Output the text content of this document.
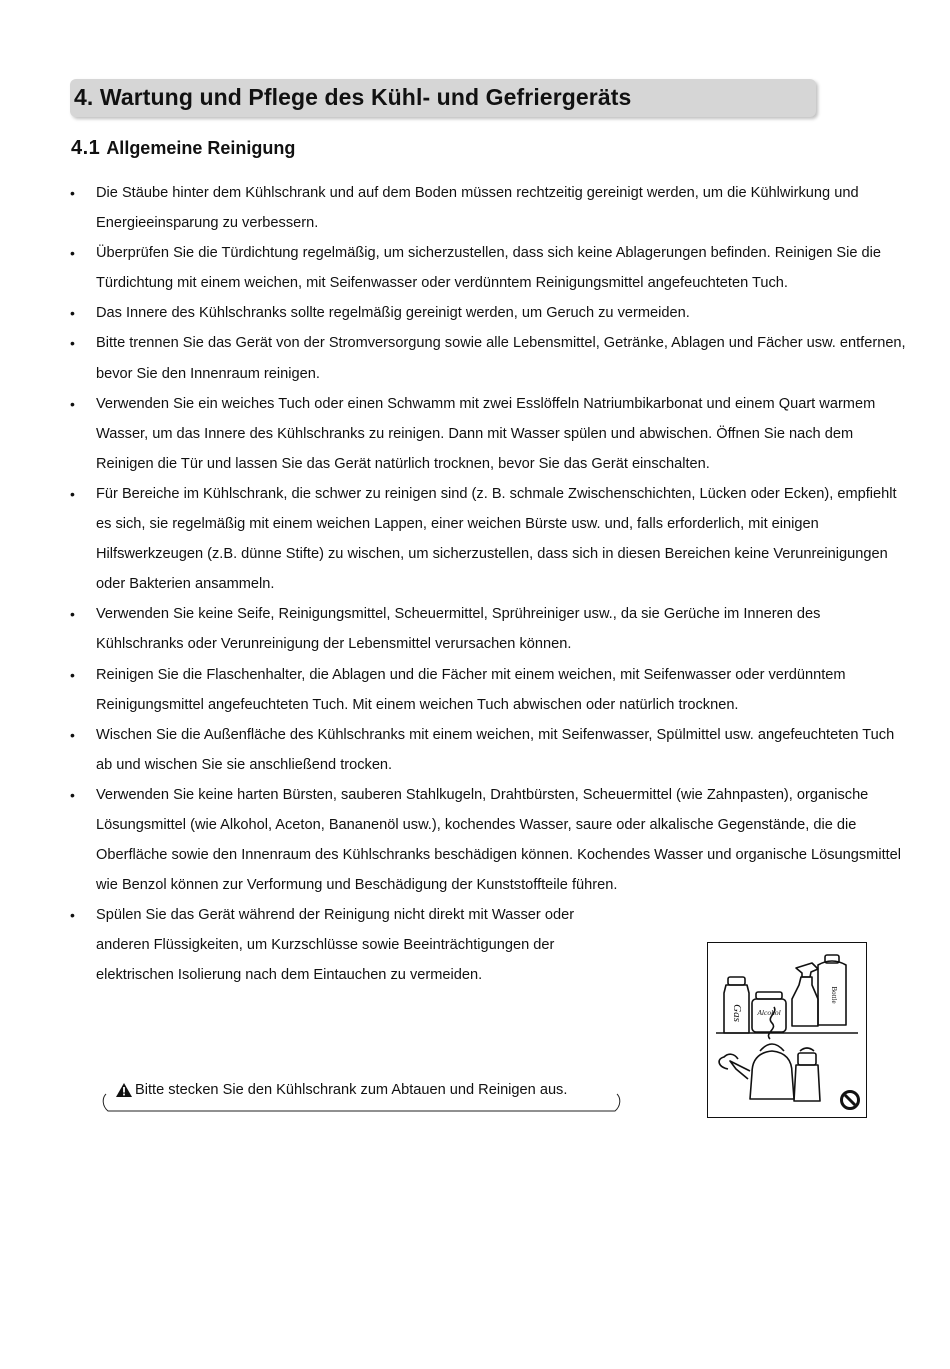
4. Wartung und Pflege des Kühl- und Gefriergeräts
4.1 Allgemeine Reinigung
• Die Stäube hinter dem Kühlschrank und auf dem Boden müssen rechtzeitig gereinigt werden, um die Kühlwirkung und Energieeinsparung zu verbessern.
• Überprüfen Sie die Türdichtung regelmäßig, um sicherzustellen, dass sich keine Ablagerungen befinden. Reinigen Sie die Türdichtung mit einem weichen, mit Seifenwasser oder verdünntem Reinigungsmittel angefeuchteten Tuch.
• Das Innere des Kühlschranks sollte regelmäßig gereinigt werden, um Geruch zu vermeiden.
• Bitte trennen Sie das Gerät von der Stromversorgung sowie alle Lebensmittel, Getränke, Ablagen und Fächer usw. entfernen, bevor Sie den Innenraum reinigen.
• Verwenden Sie ein weiches Tuch oder einen Schwamm mit zwei Esslöffeln Natriumbikarbonat und einem Quart warmem Wasser, um das Innere des Kühlschranks zu reinigen. Dann mit Wasser spülen und abwischen. Öffnen Sie nach dem Reinigen die Tür und lassen Sie das Gerät natürlich trocknen, bevor Sie das Gerät einschalten.
• Für Bereiche im Kühlschrank, die schwer zu reinigen sind (z. B. schmale Zwischenschichten, Lücken oder Ecken), empfiehlt es sich, sie regelmäßig mit einem weichen Lappen, einer weichen Bürste usw. und, falls erforderlich, mit einigen Hilfswerkzeugen (z.B. dünne Stifte) zu wischen, um sicherzustellen, dass sich in diesen Bereichen keine Verunreinigungen oder Bakterien ansammeln.
• Verwenden Sie keine Seife, Reinigungsmittel, Scheuermittel, Sprühreiniger usw., da sie Gerüche im Inneren des Kühlschranks oder Verunreinigung der Lebensmittel verursachen können.
• Reinigen Sie die Flaschenhalter, die Ablagen und die Fächer mit einem weichen, mit Seifenwasser oder verdünntem Reinigungsmittel angefeuchteten Tuch. Mit einem weichen Tuch abwischen oder natürlich trocknen.
• Wischen Sie die Außenfläche des Kühlschranks mit einem weichen, mit Seifenwasser, Spülmittel usw. angefeuchteten Tuch ab und wischen Sie sie anschließend trocken.
• Verwenden Sie keine harten Bürsten, sauberen Stahlkugeln, Drahtbürsten, Scheuermittel (wie Zahnpasten), organische Lösungsmittel (wie Alkohol, Aceton, Bananenöl usw.), kochendes Wasser, saure oder alkalische Gegenstände, die die Oberfläche sowie den Innenraum des Kühlschranks beschädigen können. Kochendes Wasser und organische Lösungsmittel wie Benzol können zur Verformung und Beschädigung der Kunststoffteile führen.
• Spülen Sie das Gerät während der Reinigung nicht direkt mit Wasser oder anderen Flüssigkeiten, um Kurzschlüsse sowie Beeinträchtigungen der elektrischen Isolierung nach dem Eintauchen zu vermeiden.
Bitte stecken Sie den Kühlschrank zum Abtauen und Reinigen aus.
Gas Alcohol
Bottle
